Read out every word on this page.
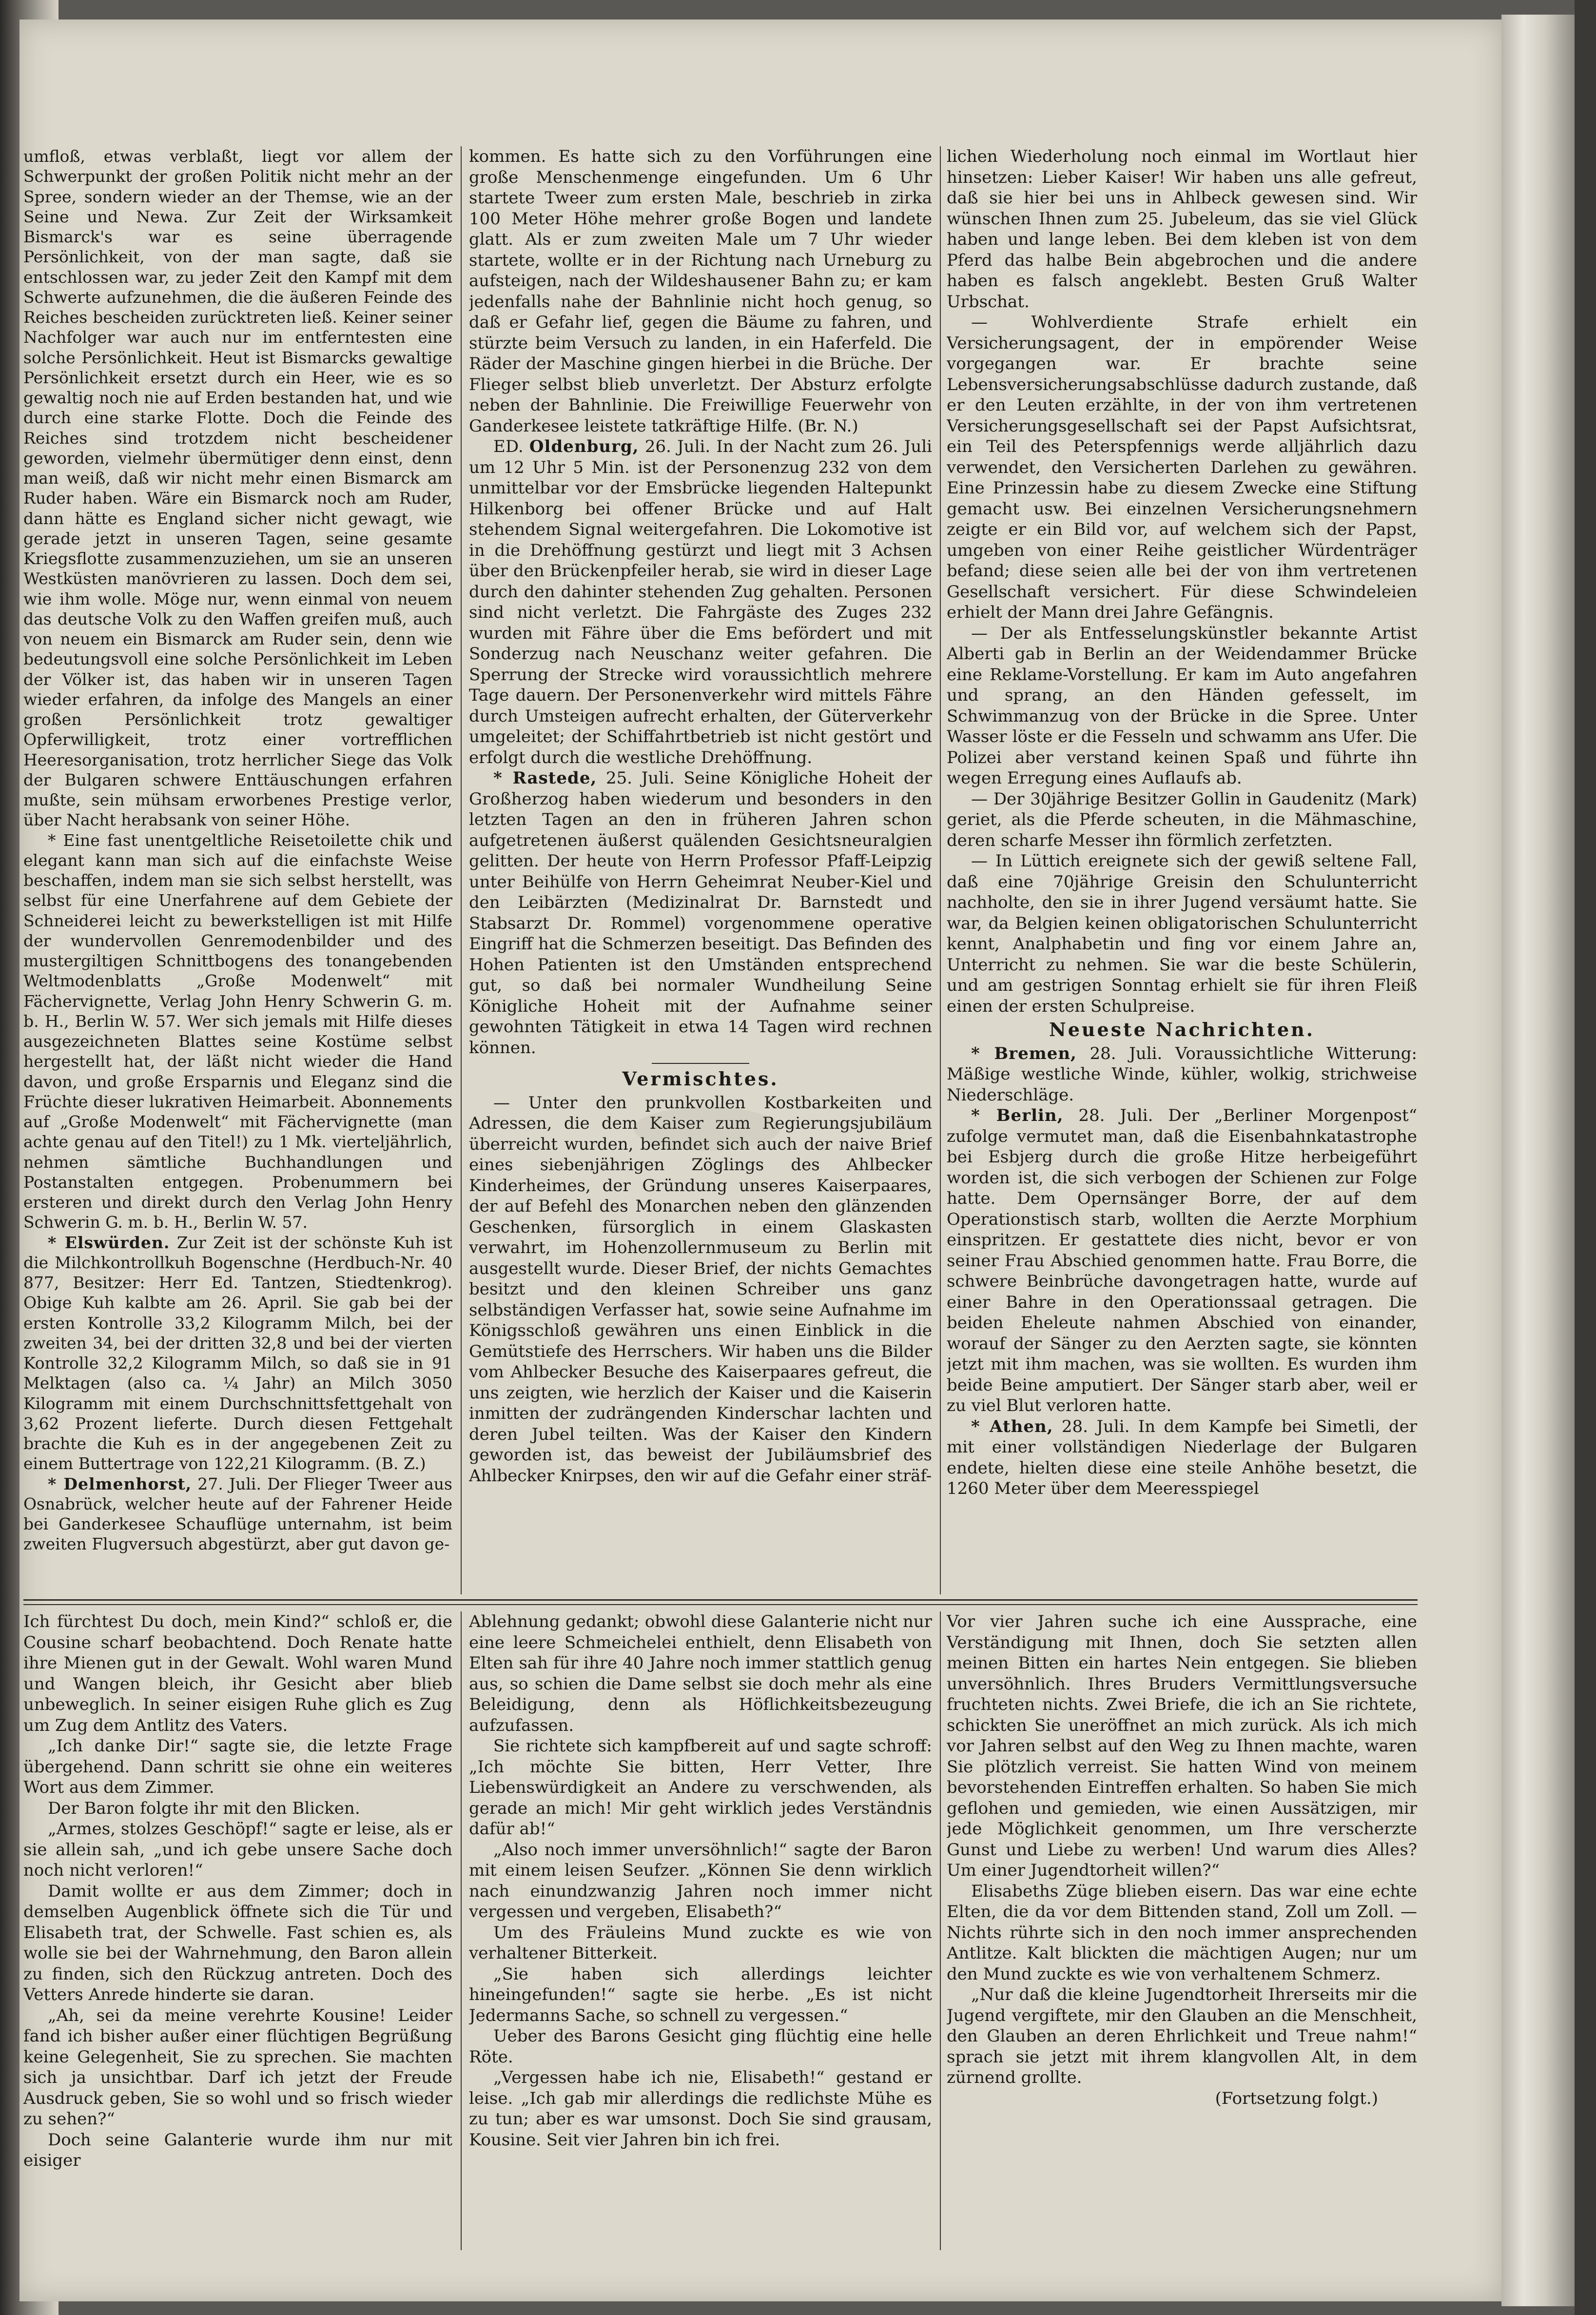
umfloß, etwas verblaßt, liegt vor allem der Schwerpunkt der großen Politik nicht mehr an der Spree, sondern wieder an der Themse, wie an der Seine und Newa. Zur Zeit der Wirksamkeit Bismarck's war es seine überragende Persönlichkeit, von der man sagte, daß sie entschlossen war, zu jeder Zeit den Kampf mit dem Schwerte aufzunehmen, die die äußeren Feinde des Reiches bescheiden zurücktreten ließ. Keiner seiner Nachfolger war auch nur im entferntesten eine solche Persönlichkeit. Heut ist Bismarcks gewaltige Persönlichkeit ersetzt durch ein Heer, wie es so gewaltig noch nie auf Erden bestanden hat, und wie durch eine starke Flotte. Doch die Feinde des Reiches sind trotzdem nicht bescheidener geworden, vielmehr übermütiger denn einst, denn man weiß, daß wir nicht mehr einen Bismarck am Ruder haben. Wäre ein Bismarck noch am Ruder, dann hätte es England sicher nicht gewagt, wie gerade jetzt in unseren Tagen, seine gesamte Kriegsflotte zusammenzuziehen, um sie an unseren Westküsten manövrieren zu lassen. Doch dem sei, wie ihm wolle. Möge nur, wenn einmal von neuem das deutsche Volk zu den Waffen greifen muß, auch von neuem ein Bismarck am Ruder sein, denn wie bedeutungsvoll eine solche Persönlichkeit im Leben der Völker ist, das haben wir in unseren Tagen wieder erfahren, da infolge des Mangels an einer großen Persönlichkeit trotz gewaltiger Opferwilligkeit, trotz einer vortrefflichen Heeresorganisation, trotz herrlicher Siege das Volk der Bulgaren schwere Enttäuschungen erfahren mußte, sein mühsam erworbenes Prestige verlor, über Nacht herabsank von seiner Höhe.

* Eine fast unentgeltliche Reisetoilette chik und elegant kann man sich auf die einfachste Weise beschaffen, indem man sie sich selbst herstellt, was selbst für eine Unerfahrene auf dem Gebiete der Schneiderei leicht zu bewerkstelligen ist mit Hilfe der wundervollen Genremodenbilder und des mustergiltigen Schnittbogens des tonangebenden Weltmodenblatts „Große Modenwelt“ mit Fächervignette, Verlag John Henry Schwerin G. m. b. H., Berlin W. 57. Wer sich jemals mit Hilfe dieses ausgezeichneten Blattes seine Kostüme selbst hergestellt hat, der läßt nicht wieder die Hand davon, und große Ersparnis und Eleganz sind die Früchte dieser lukrativen Heimarbeit. Abonnements auf „Große Modenwelt“ mit Fächervignette (man achte genau auf den Titel!) zu 1 Mk. vierteljährlich, nehmen sämtliche Buchhandlungen und Postanstalten entgegen. Probenummern bei ersteren und direkt durch den Verlag John Henry Schwerin G. m. b. H., Berlin W. 57.

* Elswürden. Zur Zeit ist der schönste Kuh ist die Milchkontrollkuh Bogenschne (Herdbuch-Nr. 40 877, Besitzer: Herr Ed. Tantzen, Stiedtenkrog). Obige Kuh kalbte am 26. April. Sie gab bei der ersten Kontrolle 33,2 Kilogramm Milch, bei der zweiten 34, bei der dritten 32,8 und bei der vierten Kontrolle 32,2 Kilogramm Milch, so daß sie in 91 Melktagen (also ca. ¼ Jahr) an Milch 3050 Kilogramm mit einem Durchschnittsfettgehalt von 3,62 Prozent lieferte. Durch diesen Fettgehalt brachte die Kuh es in der angegebenen Zeit zu einem Buttertrage von 122,21 Kilogramm. (B. Z.)

* Delmenhorst, 27. Juli. Der Flieger Tweer aus Osnabrück, welcher heute auf der Fahrener Heide bei Ganderkesee Schauflüge unternahm, ist beim zweiten Flugversuch abgestürzt, aber gut davon ge-

kommen. Es hatte sich zu den Vorführungen eine große Menschenmenge eingefunden. Um 6 Uhr startete Tweer zum ersten Male, beschrieb in zirka 100 Meter Höhe mehrer große Bogen und landete glatt. Als er zum zweiten Male um 7 Uhr wieder startete, wollte er in der Richtung nach Urneburg zu aufsteigen, nach der Wildeshausener Bahn zu; er kam jedenfalls nahe der Bahnlinie nicht hoch genug, so daß er Gefahr lief, gegen die Bäume zu fahren, und stürzte beim Versuch zu landen, in ein Haferfeld. Die Räder der Maschine gingen hierbei in die Brüche. Der Flieger selbst blieb unverletzt. Der Absturz erfolgte neben der Bahnlinie. Die Freiwillige Feuerwehr von Ganderkesee leistete tatkräftige Hilfe. (Br. N.)

ED. Oldenburg, 26. Juli. In der Nacht zum 26. Juli um 12 Uhr 5 Min. ist der Personenzug 232 von dem unmittelbar vor der Emsbrücke liegenden Haltepunkt Hilkenborg bei offener Brücke und auf Halt stehendem Signal weitergefahren. Die Lokomotive ist in die Drehöffnung gestürzt und liegt mit 3 Achsen über den Brückenpfeiler herab, sie wird in dieser Lage durch den dahinter stehenden Zug gehalten. Personen sind nicht verletzt. Die Fahrgäste des Zuges 232 wurden mit Fähre über die Ems befördert und mit Sonderzug nach Neuschanz weiter gefahren. Die Sperrung der Strecke wird voraussichtlich mehrere Tage dauern. Der Personenverkehr wird mittels Fähre durch Umsteigen aufrecht erhalten, der Güterverkehr umgeleitet; der Schiffahrtbetrieb ist nicht gestört und erfolgt durch die westliche Drehöffnung.

* Rastede, 25. Juli. Seine Königliche Hoheit der Großherzog haben wiederum und besonders in den letzten Tagen an den in früheren Jahren schon aufgetretenen äußerst quälenden Gesichtsneuralgien gelitten. Der heute von Herrn Professor Pfaff-Leipzig unter Beihülfe von Herrn Geheimrat Neuber-Kiel und den Leibärzten (Medizinalrat Dr. Barnstedt und Stabsarzt Dr. Rommel) vorgenommene operative Eingriff hat die Schmerzen beseitigt. Das Befinden des Hohen Patienten ist den Umständen entsprechend gut, so daß bei normaler Wundheilung Seine Königliche Hoheit mit der Aufnahme seiner gewohnten Tätigkeit in etwa 14 Tagen wird rechnen können.

Vermischtes.

— Unter den prunkvollen Kostbarkeiten und Adressen, die dem Kaiser zum Regierungsjubiläum überreicht wurden, befindet sich auch der naive Brief eines siebenjährigen Zöglings des Ahlbecker Kinderheimes, der Gründung unseres Kaiserpaares, der auf Befehl des Monarchen neben den glänzenden Geschenken, fürsorglich in einem Glaskasten verwahrt, im Hohenzollernmuseum zu Berlin mit ausgestellt wurde. Dieser Brief, der nichts Gemachtes besitzt und den kleinen Schreiber uns ganz selbständigen Verfasser hat, sowie seine Aufnahme im Königsschloß gewähren uns einen Einblick in die Gemütstiefe des Herrschers. Wir haben uns die Bilder vom Ahlbecker Besuche des Kaiserpaares gefreut, die uns zeigten, wie herzlich der Kaiser und die Kaiserin inmitten der zudrängenden Kinderschar lachten und deren Jubel teilten. Was der Kaiser den Kindern geworden ist, das beweist der Jubiläumsbrief des Ahlbecker Knirpses, den wir auf die Gefahr einer sträf-

lichen Wiederholung noch einmal im Wortlaut hier hinsetzen: Lieber Kaiser! Wir haben uns alle gefreut, daß sie hier bei uns in Ahlbeck gewesen sind. Wir wünschen Ihnen zum 25. Jubeleum, das sie viel Glück haben und lange leben. Bei dem kleben ist von dem Pferd das halbe Bein abgebrochen und die andere haben es falsch angeklebt. Besten Gruß Walter Urbschat.

— Wohlverdiente Strafe erhielt ein Versicherungsagent, der in empörender Weise vorgegangen war. Er brachte seine Lebensversicherungsabschlüsse dadurch zustande, daß er den Leuten erzählte, in der von ihm vertretenen Versicherungsgesellschaft sei der Papst Aufsichtsrat, ein Teil des Peterspfennigs werde alljährlich dazu verwendet, den Versicherten Darlehen zu gewähren. Eine Prinzessin habe zu diesem Zwecke eine Stiftung gemacht usw. Bei einzelnen Versicherungsnehmern zeigte er ein Bild vor, auf welchem sich der Papst, umgeben von einer Reihe geistlicher Würdenträger befand; diese seien alle bei der von ihm vertretenen Gesellschaft versichert. Für diese Schwindeleien erhielt der Mann drei Jahre Gefängnis.

— Der als Entfesselungskünstler bekannte Artist Alberti gab in Berlin an der Weidendammer Brücke eine Reklame-Vorstellung. Er kam im Auto angefahren und sprang, an den Händen gefesselt, im Schwimmanzug von der Brücke in die Spree. Unter Wasser löste er die Fesseln und schwamm ans Ufer. Die Polizei aber verstand keinen Spaß und führte ihn wegen Erregung eines Auflaufs ab.

— Der 30jährige Besitzer Gollin in Gaudenitz (Mark) geriet, als die Pferde scheuten, in die Mähmaschine, deren scharfe Messer ihn förmlich zerfetzten.

— In Lüttich ereignete sich der gewiß seltene Fall, daß eine 70jährige Greisin den Schulunterricht nachholte, den sie in ihrer Jugend versäumt hatte. Sie war, da Belgien keinen obligatorischen Schulunterricht kennt, Analphabetin und fing vor einem Jahre an, Unterricht zu nehmen. Sie war die beste Schülerin, und am gestrigen Sonntag erhielt sie für ihren Fleiß einen der ersten Schulpreise.

Neueste Nachrichten.

* Bremen, 28. Juli. Voraussichtliche Witterung: Mäßige westliche Winde, kühler, wolkig, strichweise Niederschläge.

* Berlin, 28. Juli. Der „Berliner Morgenpost“ zufolge vermutet man, daß die Eisenbahnkatastrophe bei Esbjerg durch die große Hitze herbeigeführt worden ist, die sich verbogen der Schienen zur Folge hatte. Dem Opernsänger Borre, der auf dem Operationstisch starb, wollten die Aerzte Morphium einspritzen. Er gestattete dies nicht, bevor er von seiner Frau Abschied genommen hatte. Frau Borre, die schwere Beinbrüche davongetragen hatte, wurde auf einer Bahre in den Operationssaal getragen. Die beiden Eheleute nahmen Abschied von einander, worauf der Sänger zu den Aerzten sagte, sie könnten jetzt mit ihm machen, was sie wollten. Es wurden ihm beide Beine amputiert. Der Sänger starb aber, weil er zu viel Blut verloren hatte.

* Athen, 28. Juli. In dem Kampfe bei Simetli, der mit einer vollständigen Niederlage der Bulgaren endete, hielten diese eine steile Anhöhe besetzt, die 1260 Meter über dem Meeresspiegel

Ich fürchtest Du doch, mein Kind?“ schloß er, die Cousine scharf beobachtend. Doch Renate hatte ihre Mienen gut in der Gewalt. Wohl waren Mund und Wangen bleich, ihr Gesicht aber blieb unbeweglich. In seiner eisigen Ruhe glich es Zug um Zug dem Antlitz des Vaters.

„Ich danke Dir!“ sagte sie, die letzte Frage übergehend. Dann schritt sie ohne ein weiteres Wort aus dem Zimmer.

Der Baron folgte ihr mit den Blicken.

„Armes, stolzes Geschöpf!“ sagte er leise, als er sie allein sah, „und ich gebe unsere Sache doch noch nicht verloren!“

Damit wollte er aus dem Zimmer; doch in demselben Augenblick öffnete sich die Tür und Elisabeth trat, der Schwelle. Fast schien es, als wolle sie bei der Wahrnehmung, den Baron allein zu finden, sich den Rückzug antreten. Doch des Vetters Anrede hinderte sie daran.

„Ah, sei da meine verehrte Kousine! Leider fand ich bisher außer einer flüchtigen Begrüßung keine Gelegenheit, Sie zu sprechen. Sie machten sich ja unsichtbar. Darf ich jetzt der Freude Ausdruck geben, Sie so wohl und so frisch wieder zu sehen?“

Doch seine Galanterie wurde ihm nur mit eisiger

Ablehnung gedankt; obwohl diese Galanterie nicht nur eine leere Schmeichelei enthielt, denn Elisabeth von Elten sah für ihre 40 Jahre noch immer stattlich genug aus, so schien die Dame selbst sie doch mehr als eine Beleidigung, denn als Höflichkeitsbezeugung aufzufassen.

Sie richtete sich kampfbereit auf und sagte schroff: „Ich möchte Sie bitten, Herr Vetter, Ihre Liebenswürdigkeit an Andere zu verschwenden, als gerade an mich! Mir geht wirklich jedes Verständnis dafür ab!“

„Also noch immer unversöhnlich!“ sagte der Baron mit einem leisen Seufzer. „Können Sie denn wirklich nach einundzwanzig Jahren noch immer nicht vergessen und vergeben, Elisabeth?“

Um des Fräuleins Mund zuckte es wie von verhaltener Bitterkeit.

„Sie haben sich allerdings leichter hineingefunden!“ sagte sie herbe. „Es ist nicht Jedermanns Sache, so schnell zu vergessen.“

Ueber des Barons Gesicht ging flüchtig eine helle Röte.

„Vergessen habe ich nie, Elisabeth!“ gestand er leise. „Ich gab mir allerdings die redlichste Mühe es zu tun; aber es war umsonst. Doch Sie sind grausam, Kousine. Seit vier Jahren bin ich frei.

Vor vier Jahren suche ich eine Aussprache, eine Verständigung mit Ihnen, doch Sie setzten allen meinen Bitten ein hartes Nein entgegen. Sie blieben unversöhnlich. Ihres Bruders Vermittlungsversuche fruchteten nichts. Zwei Briefe, die ich an Sie richtete, schickten Sie uneröffnet an mich zurück. Als ich mich vor Jahren selbst auf den Weg zu Ihnen machte, waren Sie plötzlich verreist. Sie hatten Wind von meinem bevorstehenden Eintreffen erhalten. So haben Sie mich geflohen und gemieden, wie einen Aussätzigen, mir jede Möglichkeit genommen, um Ihre verscherzte Gunst und Liebe zu werben! Und warum dies Alles? Um einer Jugendtorheit willen?“

Elisabeths Züge blieben eisern. Das war eine echte Elten, die da vor dem Bittenden stand, Zoll um Zoll. — Nichts rührte sich in den noch immer ansprechenden Antlitze. Kalt blickten die mächtigen Augen; nur um den Mund zuckte es wie von verhaltenem Schmerz.

„Nur daß die kleine Jugendtorheit Ihrerseits mir die Jugend vergiftete, mir den Glauben an die Menschheit, den Glauben an deren Ehrlichkeit und Treue nahm!“ sprach sie jetzt mit ihrem klangvollen Alt, in dem zürnend grollte.

(Fortsetzung folgt.)
